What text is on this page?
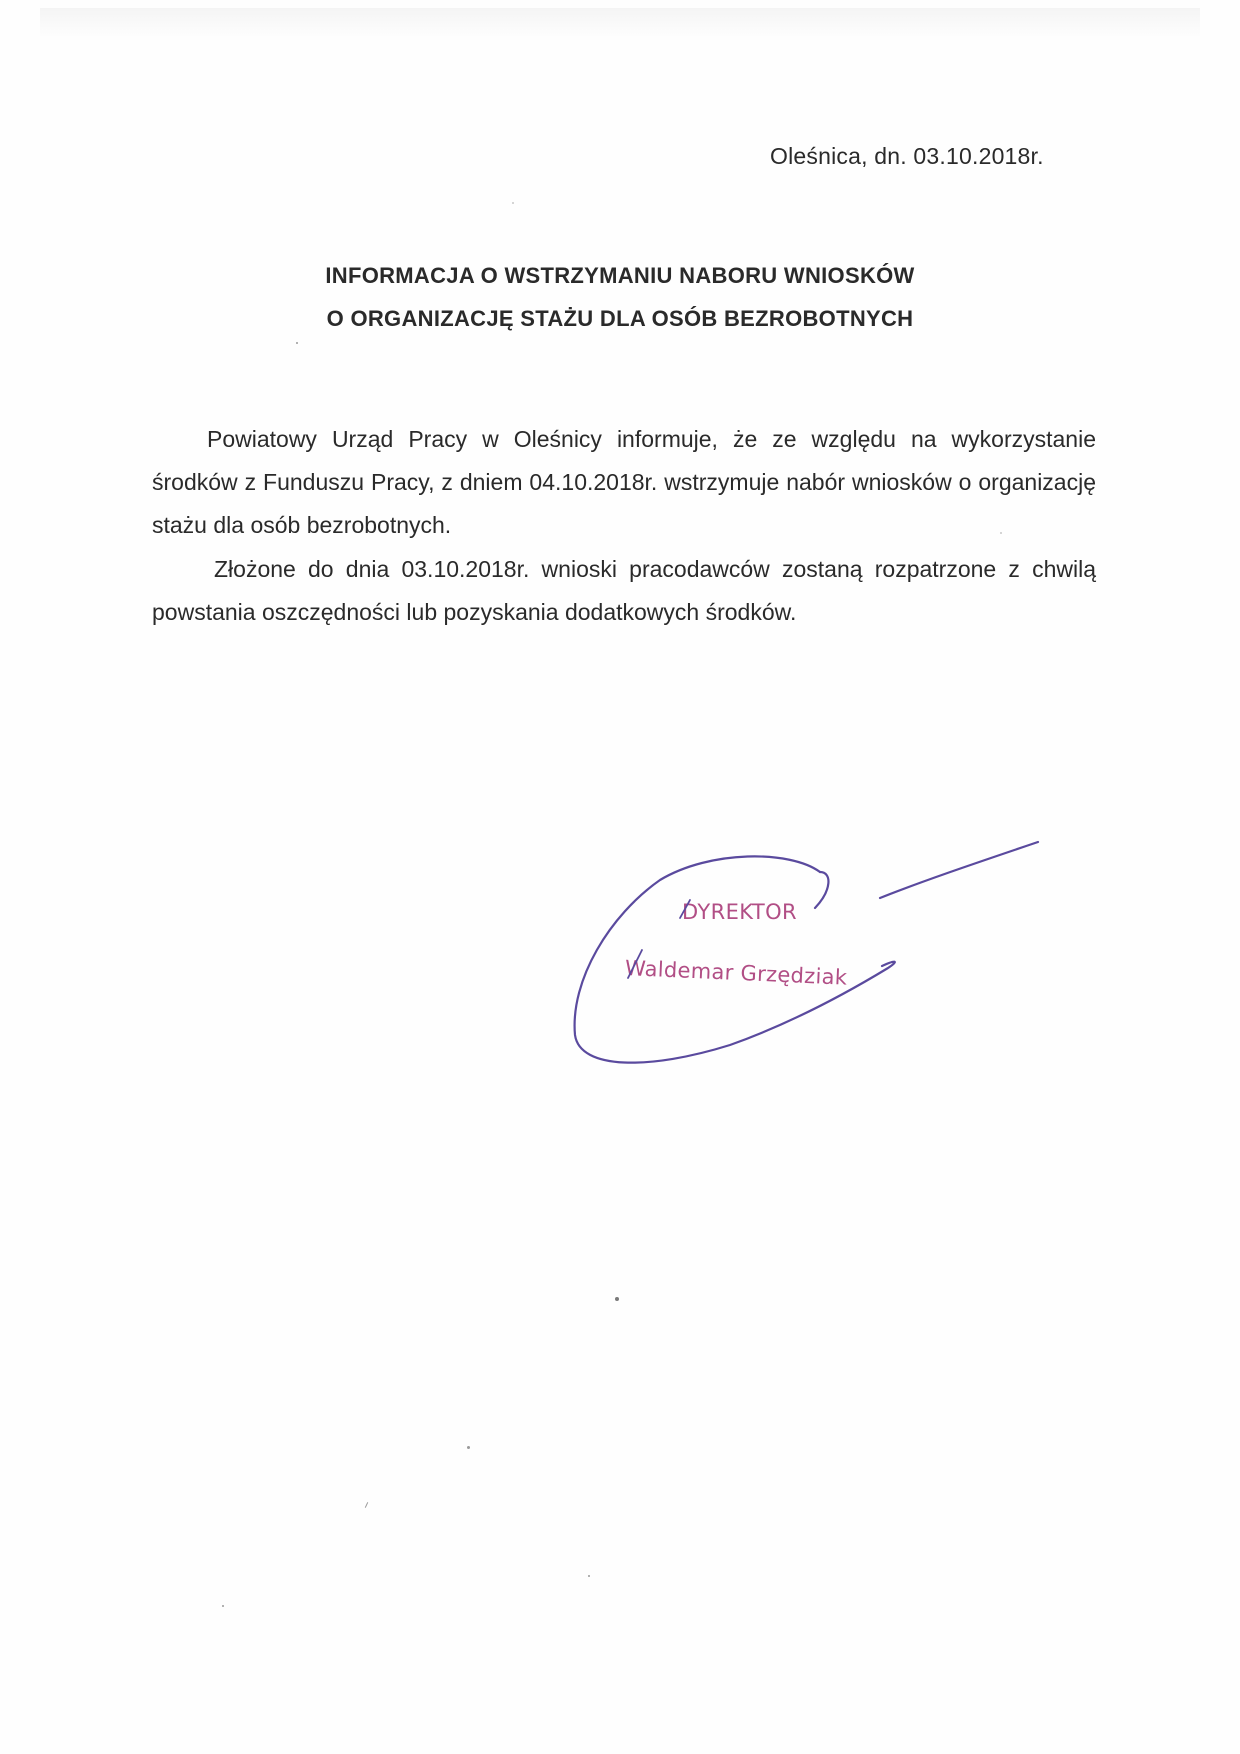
Oleśnica, dn. 03.10.2018r.
INFORMACJA O WSTRZYMANIU NABORU WNIOSKÓW
O ORGANIZACJĘ STAŻU DLA OSÓB BEZROBOTNYCH
Powiatowy Urząd Pracy w Oleśnicy informuje, że ze względu na wykorzystanie środków z Funduszu Pracy, z dniem 04.10.2018r. wstrzymuje nabór wniosków o organizację stażu dla osób bezrobotnych.
Złożone do dnia 03.10.2018r. wnioski pracodawców zostaną rozpatrzone z chwilą powstania oszczędności lub pozyskania dodatkowych środków.
DYREKTOR
Waldemar Grzędziak
